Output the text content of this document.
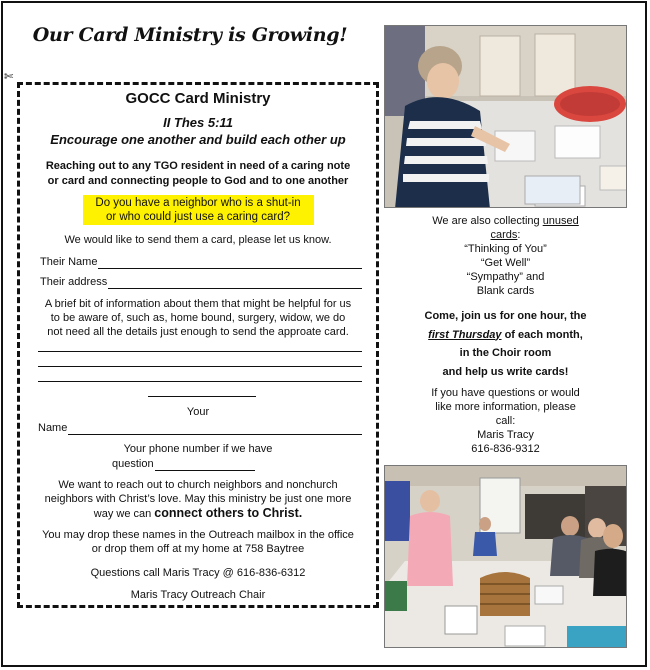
Our Card Ministry is Growing!
✄
GOCC Card Ministry
II Thes 5:11
Encourage one another and build each other up
Reaching out to any TGO resident in need of a caring note
or card and connecting people to God and to one another
Do you have a neighbor who is a shut-in
or who could just use a caring card?
We would like to send them a card, please let us know.
Their Name
Their address
A brief bit of information about them that might be helpful for us
to be aware of, such as, home bound, surgery, widow, we do
not need all the details just enough to send the approate card.
Your
Name
Your phone number if we have
question
We want to reach out to church neighbors and nonchurch
neighbors with Christ’s love. May this ministry be just one more
way we can connect others to Christ.
You may drop these names in the Outreach mailbox in the office
or drop them off at my home at 758 Baytree
Questions call Maris Tracy @ 616-836-6312
Maris Tracy Outreach Chair
We are also collecting unused
cards:
“Thinking of You”
“Get Well”
“Sympathy” and
Blank cards
Come, join us for one hour, the
first Thursday of each month,
in the Choir room
and help us write cards!
If you have questions or would
like more information, please
call:
Maris Tracy
616-836-9312
